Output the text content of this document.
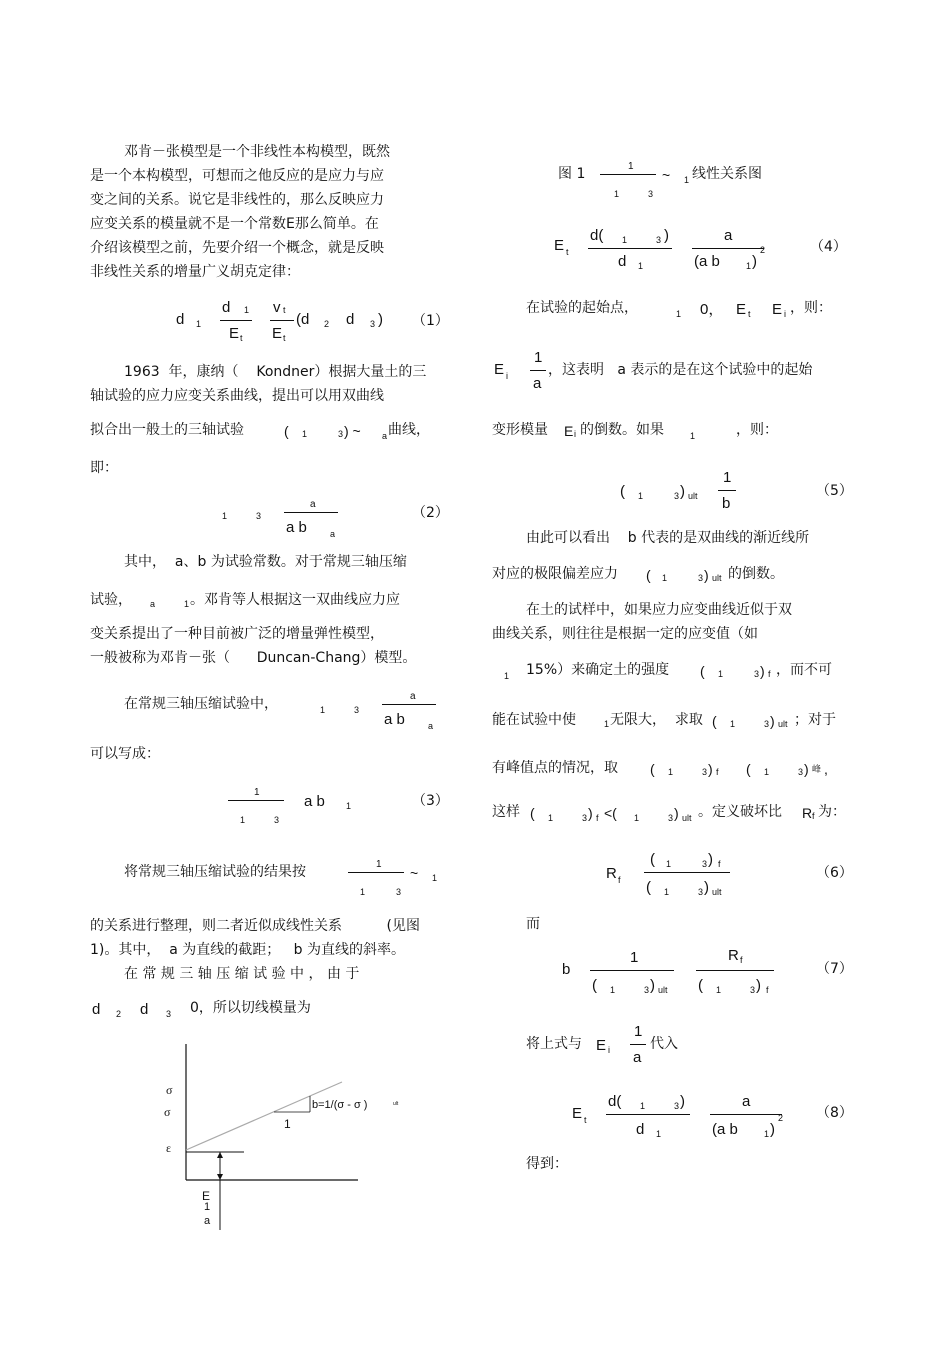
邓肯－张模型是一个非线性本构模型，既然
是一个本构模型，可想而之他反应的是应力与应
变之间的关系。说它是非线性的，那么反映应力
应变关系的模量就不是一个常数E那么简单。在
介绍该模型之前，先要介绍一个概念，就是反映
非线性关系的增量广义胡克定律：
d 1
d 1
E t
v t
E t
(d 2 d 3 ) （1）
1963  年，康纳（    Kondner）根据大量土的三
轴试验的应力应变关系曲线，提出可以用双曲线
拟合出一般土的三轴试验	( 1	3 ) ~ a 曲线，
即：
1	3
a
a b	a
（2）
其中，  a、b 为试验常数。对于常规三轴压缩
试验， a	1 。邓肯等人根据这一双曲线应力应
变关系提出了一种目前被广泛的增量弹性模型，
一般被称为邓肯－张（      Duncan-Chang）模型。
在常规三轴压缩试验中，	1	3
a
a b	a
可以写成：
1
1	3
a b 1	（3）
将常规三轴压缩试验的结果按	1
1	3
~ 1
的关系进行整理，则二者近似成线性关系          (见图
1)。其中，  a 为直线的截距；   b 为直线的斜率。
在 常 规 三 轴 压 缩 试 验 中 ， 由 于
d 2 d 3 0，所以切线模量为
b=1/(σ - σ )	ult
1
σ
σ
ε
E
1
a
图 1	1
1	3
~ 1 线性关系图
E t
d( 1	3 )
d 1
a
(a b	1 )
2	（4）
在试验的起始点，	1 0， E t E i ，则：
E i
1
a
，这表明   a 表示的是在这个试验中的起始
变形模量 E i 的倒数。如果	1	，则：
( 1	3 ) ult
1
b
（5）
由此可以看出    b 代表的是双曲线的渐近线所
对应的极限偏差应力 ( 1	3 ) ult 的倒数。
在土的试样中，如果应力应变曲线近似于双
曲线关系，则往往是根据一定的应变值（如
1 15%）来确定土的强度 ( 1	3 ) f ，而不可
能在试验中使	1 无限大，  求取 ( 1	3 ) ult ；对于
有峰值点的情况，取 ( 1	3 ) f ( 1	3 ) 峰 ,
这样 ( 1	3 ) f <( 1	3 ) ult 。定义破坏比 R f 为：
R f
( 1	3 ) f
( 1	3 ) ult
（6）
而
b
1
( 1	3 ) ult
R f
( 1	3 ) f
（7）
将上式与 E i
1
a
代入
E t
d( 1	3 )
d 1
a
(a b	1 )
2 （8）
得到：
